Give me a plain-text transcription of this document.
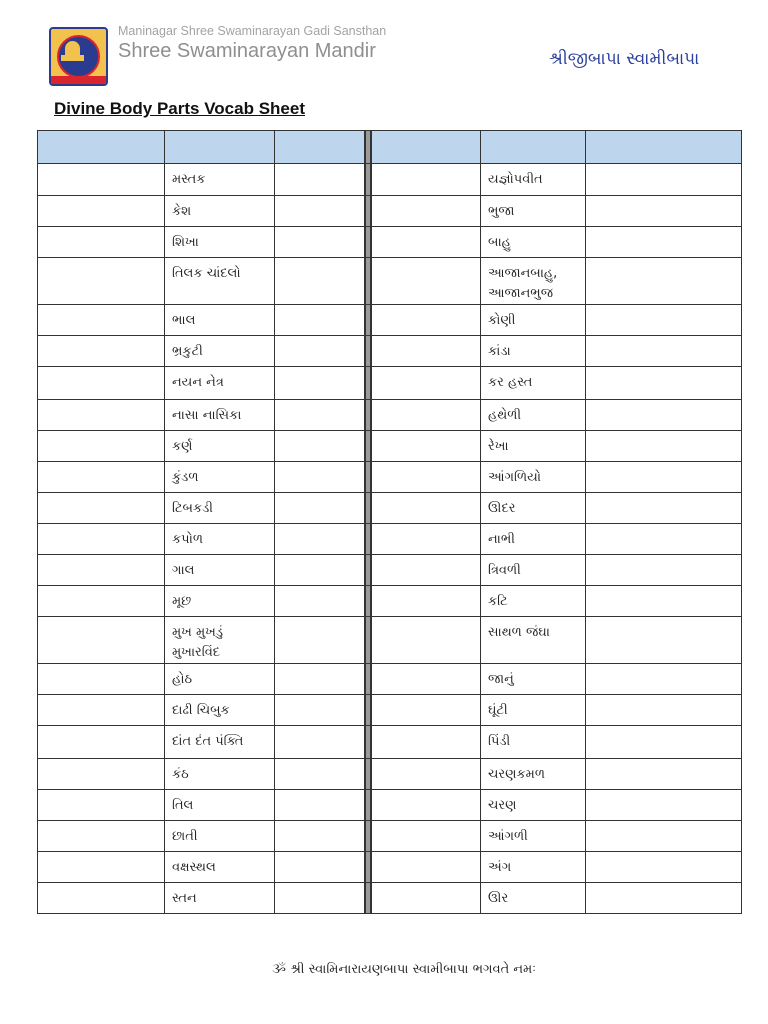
Maninagar Shree Swaminarayan Gadi Sansthan
Shree Swaminarayan Mandir	શ્રીજીબાપા સ્વામીબાપા
Divine Body Parts Vocab Sheet

	મસ્તક				યજ્ઞોપવીત	
	કેશ				ભુજા	
	શિખા				બાહુ	
	તિલક ચાંદલો				આજાનબાહુ, આજાનભુજ	
	ભાલ				કોણી	
	ભ્રકુટી				કાંડા	
	નયન નેત્ર				કર હસ્ત	
	નાસા નાસિકા				હથેળી	
	કર્ણ				રેખા	
	કુંડળ				આંગળિયો	
	ટિબકડી				ઊદર	
	કપોળ				નાભી	
	ગાલ				ત્રિવળી	
	મૂછ				કટિ	
	મુખ મુખડું મુખારવિંદ				સાથળ જંઘા	
	હોઠ				જાનું	
	દાઢી ચિબુક				ઘૂંટી	
	દાંત દંત પંક્તિ				પિંડી	
	કંઠ				ચરણકમળ	
	તિલ				ચરણ	
	છાતી				આંગળી	
	વક્ષસ્થલ				અંગ	
	સ્તન				ઊર	
ૐ શ્રી સ્વામિનારાયણબાપા સ્વામીબાપા ભગવતે નમઃ
